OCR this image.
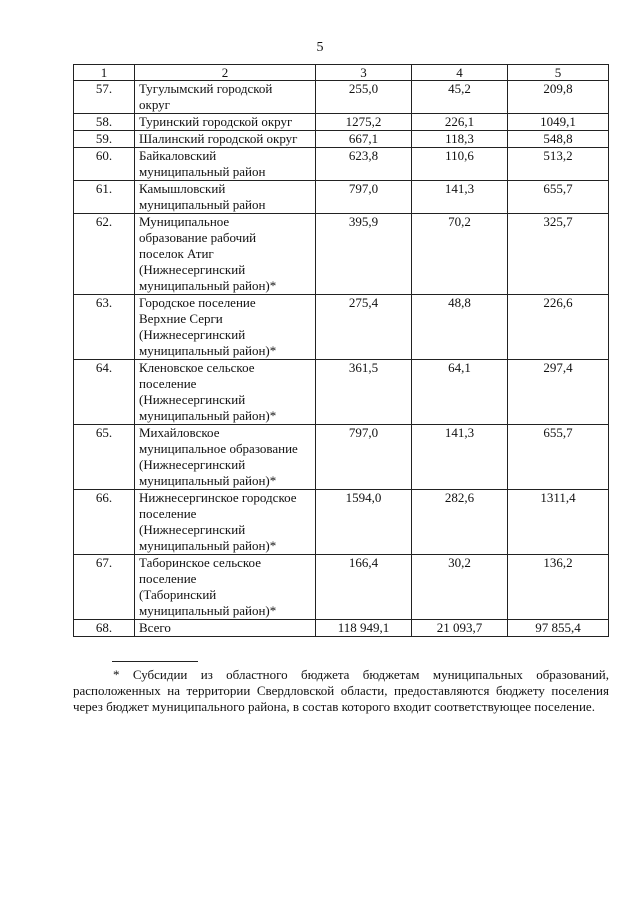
5
1	2	3	4	5
57.	Тугулымский городской
округ	255,0	45,2	209,8
58.	Туринский городской округ	1275,2	226,1	1049,1
59.	Шалинский городской округ	667,1	118,3	548,8
60.	Байкаловский
муниципальный район	623,8	110,6	513,2
61.	Камышловский
муниципальный район	797,0	141,3	655,7
62.	Муниципальное
образование рабочий
поселок Атиг
(Нижнесергинский
муниципальный район)*	395,9	70,2	325,7
63.	Городское поселение
Верхние Серги
(Нижнесергинский
муниципальный район)*	275,4	48,8	226,6
64.	Кленовское сельское
поселение
(Нижнесергинский
муниципальный район)*	361,5	64,1	297,4
65.	Михайловское
муниципальное образование
(Нижнесергинский
муниципальный район)*	797,0	141,3	655,7
66.	Нижнесергинское городское
поселение
(Нижнесергинский
муниципальный район)*	1594,0	282,6	1311,4
67.	Таборинское сельское
поселение
(Таборинский
муниципальный район)*	166,4	30,2	136,2
68.	Всего	118 949,1	21 093,7	97 855,4
* Субсидии из областного бюджета бюджетам муниципальных образований, расположенных на территории Свердловской области, предоставляются бюджету поселения через бюджет муниципального района, в состав которого входит соответствующее поселение.
